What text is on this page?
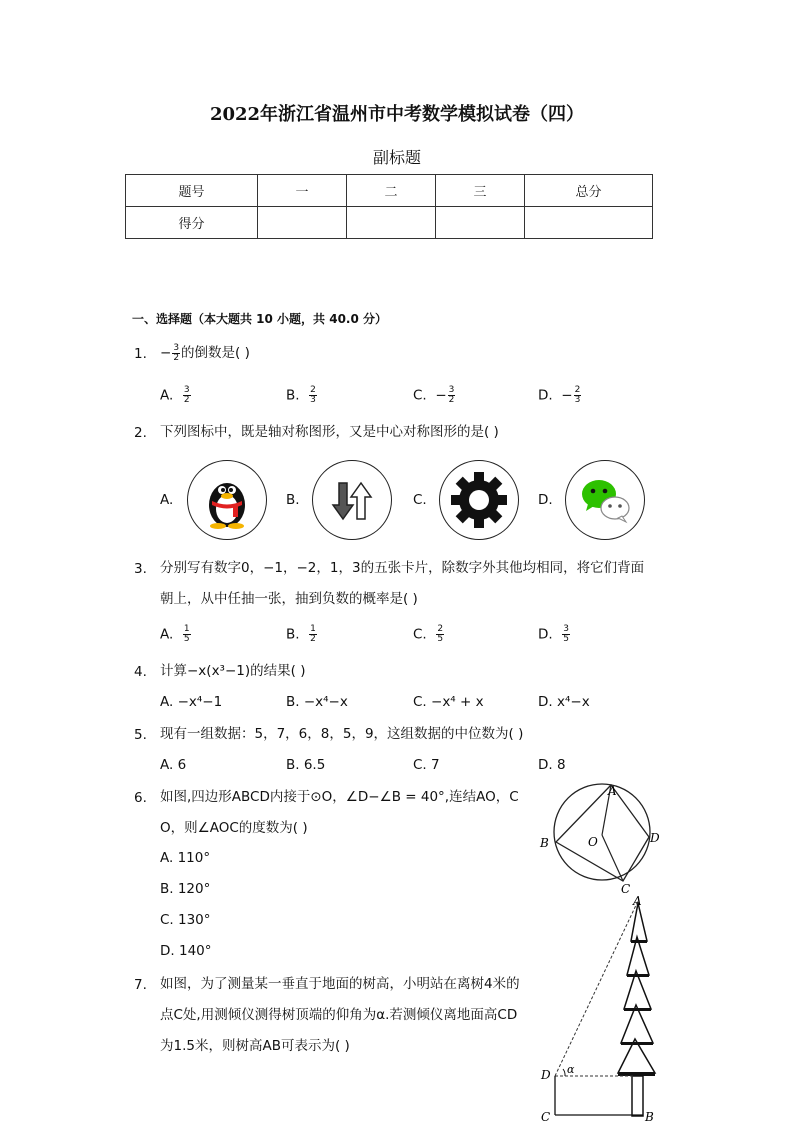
2022年浙江省温州市中考数学模拟试卷（四）
副标题
题号	一	二	三	总分
得分				
一、选择题（本大题共 10 小题，共 40.0 分）
1. − $\frac{3}{2}$ 的倒数是( )
A. $\frac{3}{2}$	B. $\frac{2}{3}$	C. − $\frac{3}{2}$	D. − $\frac{2}{3}$
2. 下列图标中，既是轴对称图形，又是中心对称图形的是( )
A.	B.	C.	D.
3. 分别写有数字0，−1，−2，1，3的五张卡片，除数字外其他均相同，将它们背面
朝上，从中任抽一张，抽到负数的概率是( )
A. $\frac{1}{5}$	B. $\frac{1}{2}$	C. $\frac{2}{5}$	D. $\frac{3}{5}$
4. 计算−x(x³−1)的结果( )
A. −x⁴−1	B. −x⁴−x	C. −x⁴ + x	D. x⁴−x
5. 现有一组数据：5，7，6，8，5，9，这组数据的中位数为( )
A. 6	B. 6.5	C. 7	D. 8
6. 如图,四边形ABCD内接于⊙O，∠D−∠B = 40°,连结AO，C
O，则∠AOC的度数为( )
A. 110°
B. 120°
C. 130°
D. 140°
A
B
C
D
O
7. 如图，为了测量某一垂直于地面的树高，小明站在离树4米的
点C处,用测倾仪测得树顶端的仰角为α.若测倾仪离地面高CD
为1.5米，则树高AB可表示为( )
A
B
C
D α
